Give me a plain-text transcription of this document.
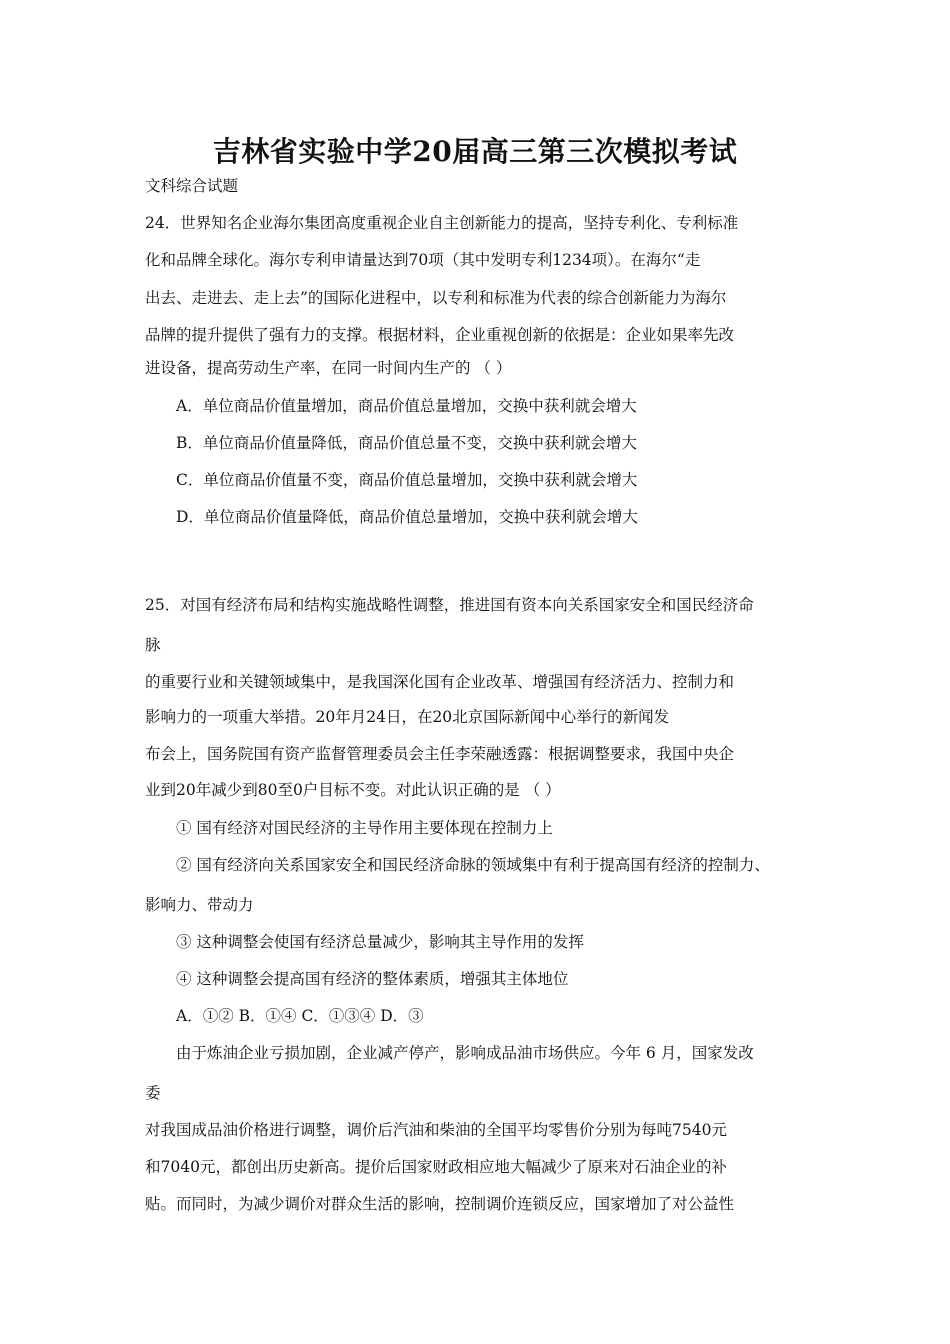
吉林省实验中学20届高三第三次模拟考试
文科综合试题
24．世界知名企业海尔集团高度重视企业自主创新能力的提高，坚持专利化、专利标准
化和品牌全球化。海尔专利申请量达到70项（其中发明专利1234项）。在海尔“走
出去、走进去、走上去”的国际化进程中，以专利和标准为代表的综合创新能力为海尔
品牌的提升提供了强有力的支撑。根据材料，企业重视创新的依据是：企业如果率先改
进设备，提高劳动生产率，在同一时间内生产的 （ ）
A．单位商品价值量增加，商品价值总量增加，交换中获利就会增大
B．单位商品价值量降低，商品价值总量不变，交换中获利就会增大
C．单位商品价值量不变，商品价值总量增加，交换中获利就会增大
D．单位商品价值量降低，商品价值总量增加，交换中获利就会增大
25．对国有经济布局和结构实施战略性调整，推进国有资本向关系国家安全和国民经济命
脉
的重要行业和关键领域集中，是我国深化国有企业改革、增强国有经济活力、控制力和
影响力的一项重大举措。20年月24日，在20北京国际新闻中心举行的新闻发
布会上，国务院国有资产监督管理委员会主任李荣融透露：根据调整要求，我国中央企
业到20年减少到80至0户目标不变。对此认识正确的是 （ ）
① 国有经济对国民经济的主导作用主要体现在控制力上
② 国有经济向关系国家安全和国民经济命脉的领域集中有利于提高国有经济的控制力、
影响力、带动力
③ 这种调整会使国有经济总量减少，影响其主导作用的发挥
④ 这种调整会提高国有经济的整体素质，增强其主体地位
A．①② B．①④ C．①③④ D．③
由于炼油企业亏损加剧，企业减产停产，影响成品油市场供应。今年 6 月，国家发改
委
对我国成品油价格进行调整，调价后汽油和柴油的全国平均零售价分别为每吨7540元
和7040元，都创出历史新高。提价后国家财政相应地大幅减少了原来对石油企业的补
贴。而同时，为减少调价对群众生活的影响，控制调价连锁反应，国家增加了对公益性
